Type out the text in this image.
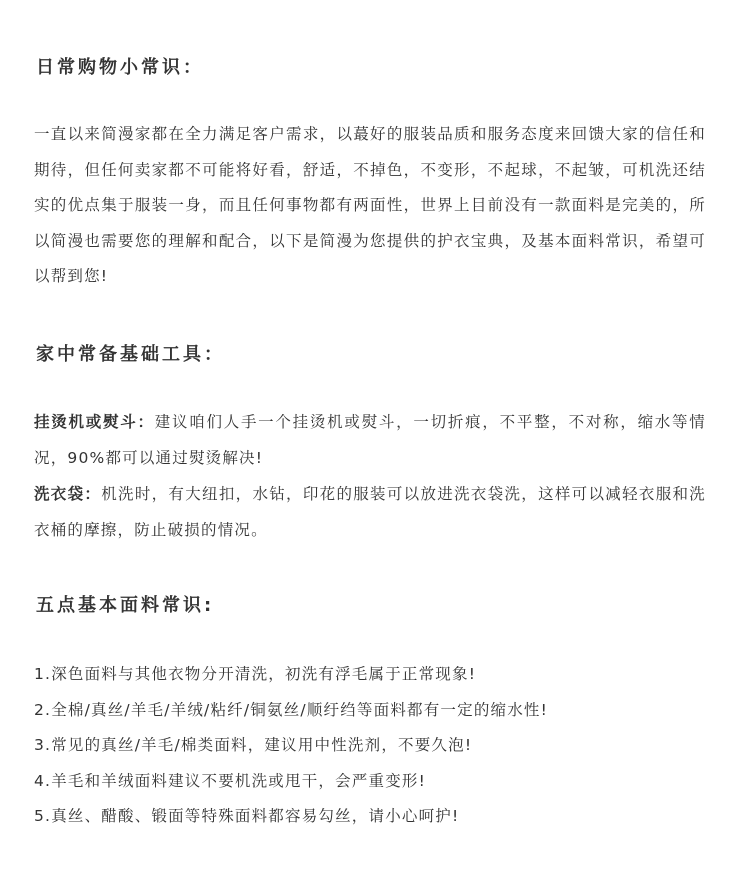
日常购物小常识：
一直以来简漫家都在全力满足客户需求，以蕞好的服装品质和服务态度来回馈大家的信任和期待，但任何卖家都不可能将好看，舒适，不掉色，不变形，不起球，不起皱，可机洗还结实的优点集于服装一身，而且任何事物都有两面性，世界上目前没有一款面料是完美的，所以简漫也需要您的理解和配合，以下是简漫为您提供的护衣宝典，及基本面料常识，希望可以帮到您!
家中常备基础工具：
挂烫机或熨斗：建议咱们人手一个挂烫机或熨斗，一切折痕，不平整，不对称，缩水等情况，90%都可以通过熨烫解决!
洗衣袋：机洗时，有大纽扣，水钻，印花的服装可以放进洗衣袋洗，这样可以减轻衣服和洗衣桶的摩擦，防止破损的情况。
五点基本面料常识:
1.深色面料与其他衣物分开清洗，初洗有浮毛属于正常现象!
2.全棉/真丝/羊毛/羊绒/粘纤/铜氨丝/顺纡绉等面料都有一定的缩水性!
3.常见的真丝/羊毛/棉类面料，建议用中性洗剂，不要久泡!
4.羊毛和羊绒面料建议不要机洗或甩干，会严重变形!
5.真丝、醋酸、锻面等特殊面料都容易勾丝，请小心呵护!
